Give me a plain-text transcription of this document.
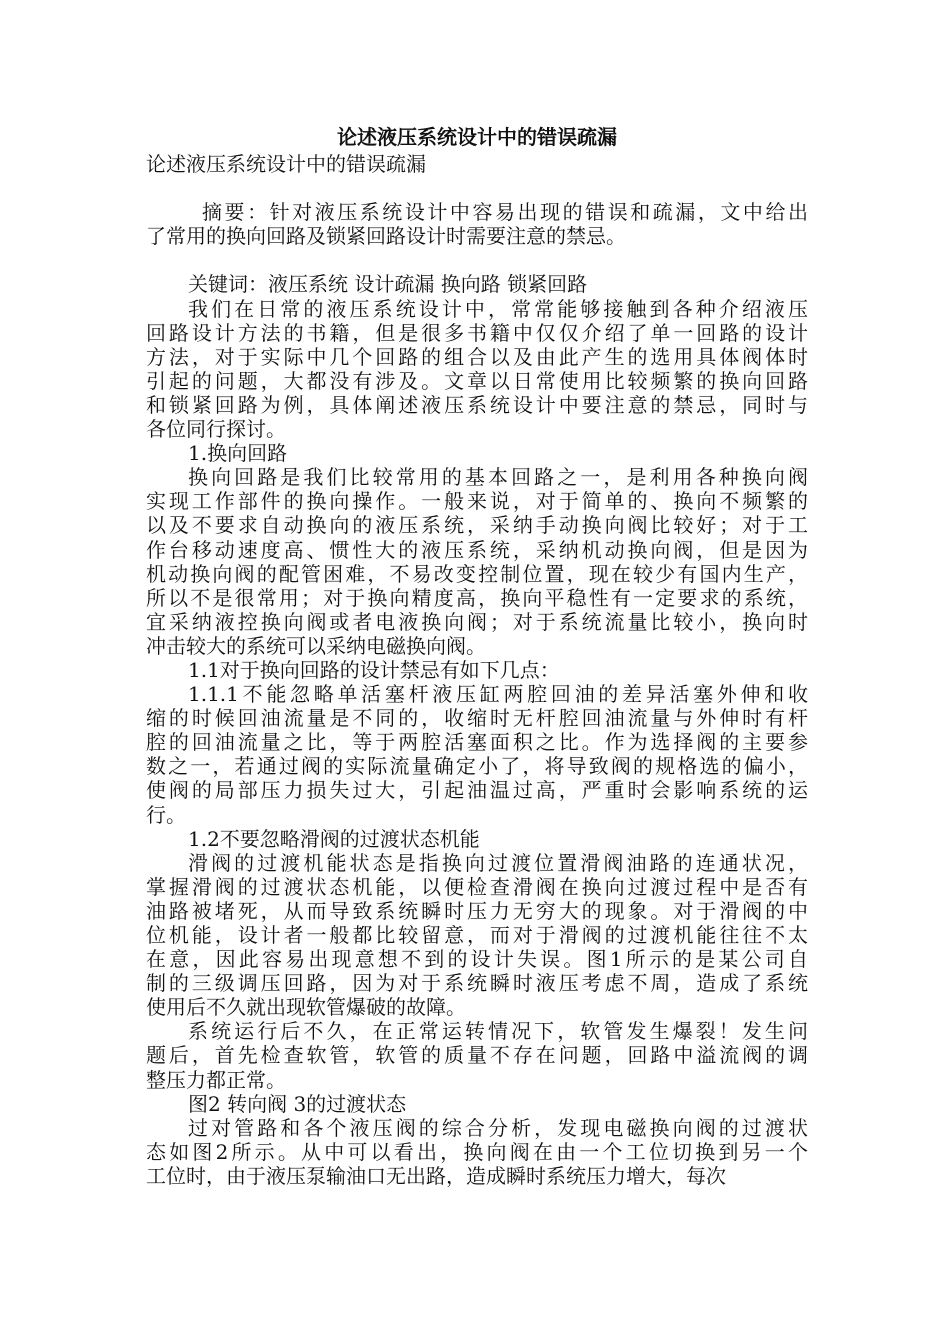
论述液压系统设计中的错误疏漏

论述液压系统设计中的错误疏漏

摘要：针对液压系统设计中容易出现的错误和疏漏，文中给出

了常用的换向回路及锁紧回路设计时需要注意的禁忌。

关键词：液压系统 设计疏漏 换向路 锁紧回路

我们在日常的液压系统设计中，常常能够接触到各种介绍液压

回路设计方法的书籍，但是很多书籍中仅仅介绍了单一回路的设计

方法，对于实际中几个回路的组合以及由此产生的选用具体阀体时

引起的问题，大都没有涉及。文章以日常使用比较频繁的换向回路

和锁紧回路为例，具体阐述液压系统设计中要注意的禁忌，同时与

各位同行探讨。

1.换向回路

换向回路是我们比较常用的基本回路之一，是利用各种换向阀

实现工作部件的换向操作。一般来说，对于简单的、换向不频繁的

以及不要求自动换向的液压系统，采纳手动换向阀比较好；对于工

作台移动速度高、惯性大的液压系统，采纳机动换向阀，但是因为

机动换向阀的配管困难，不易改变控制位置，现在较少有国内生产，

所以不是很常用；对于换向精度高，换向平稳性有一定要求的系统，

宜采纳液控换向阀或者电液换向阀；对于系统流量比较小，换向时

冲击较大的系统可以采纳电磁换向阀。

1.1对于换向回路的设计禁忌有如下几点：

1.1.1不能忽略单活塞杆液压缸两腔回油的差异活塞外伸和收

缩的时候回油流量是不同的，收缩时无杆腔回油流量与外伸时有杆

腔的回油流量之比，等于两腔活塞面积之比。作为选择阀的主要参

数之一，若通过阀的实际流量确定小了，将导致阀的规格选的偏小，

使阀的局部压力损失过大，引起油温过高，严重时会影响系统的运

行。

1.2不要忽略滑阀的过渡状态机能

滑阀的过渡机能状态是指换向过渡位置滑阀油路的连通状况，

掌握滑阀的过渡状态机能，以便检查滑阀在换向过渡过程中是否有

油路被堵死，从而导致系统瞬时压力无穷大的现象。对于滑阀的中

位机能，设计者一般都比较留意，而对于滑阀的过渡机能往往不太

在意，因此容易出现意想不到的设计失误。图1所示的是某公司自

制的三级调压回路，因为对于系统瞬时液压考虑不周，造成了系统

使用后不久就出现软管爆破的故障。

系统运行后不久，在正常运转情况下，软管发生爆裂！发生问

题后，首先检查软管，软管的质量不存在问题，回路中溢流阀的调

整压力都正常。

图2 转向阀 3的过渡状态

过对管路和各个液压阀的综合分析，发现电磁换向阀的过渡状

态如图2所示。从中可以看出，换向阀在由一个工位切换到另一个

工位时，由于液压泵输油口无出路，造成瞬时系统压力增大，每次
